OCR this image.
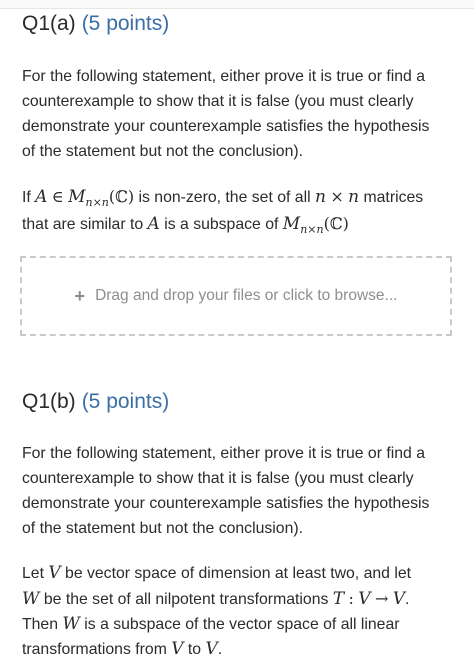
Q1(a) (5 points)
For the following statement, either prove it is true or find a
counterexample to show that it is false (you must clearly
demonstrate your counterexample satisfies the hypothesis
of the statement but not the conclusion).
If A ∈ $M_{n\times n}(ℂ)$ is non-zero, the set of all n × n matrices
that are similar to A is a subspace of $M_{n\times n}(ℂ)$
+ Drag and drop your files or click to browse...
Q1(b) (5 points)
For the following statement, either prove it is true or find a
counterexample to show that it is false (you must clearly
demonstrate your counterexample satisfies the hypothesis
of the statement but not the conclusion).
Let V be vector space of dimension at least two, and let
W be the set of all nilpotent transformations T : V → V.
Then W is a subspace of the vector space of all linear
transformations from V to V.
